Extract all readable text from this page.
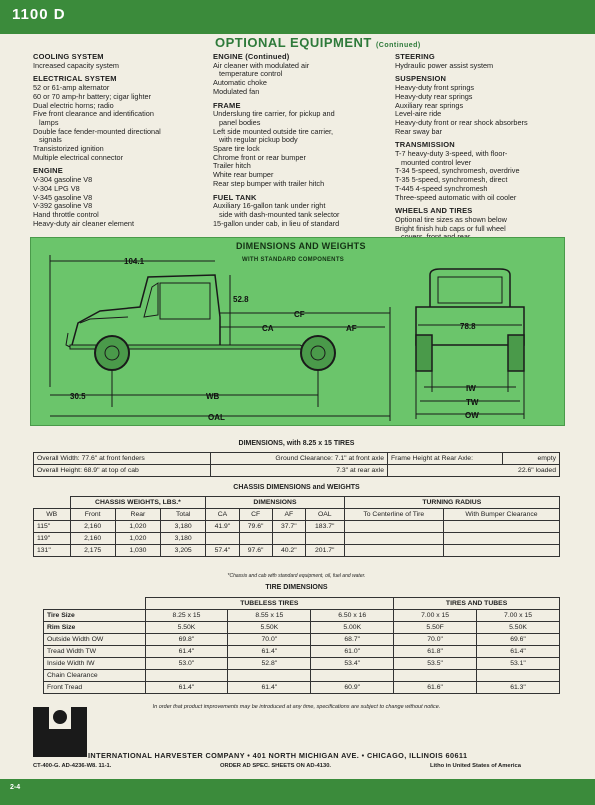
1100 D
OPTIONAL EQUIPMENT (Continued)
COOLING SYSTEM
Increased capacity system
ELECTRICAL SYSTEM
52 or 61-amp alternator
60 or 70 amp-hr battery; cigar lighter
Dual electric horns; radio
Five front clearance and identification
lamps
Double face fender-mounted directional
signals
Transistorized ignition
Multiple electrical connector
ENGINE
V-304 gasoline V8
V-304 LPG V8
V-345 gasoline V8
V-392 gasoline V8
Hand throttle control
Heavy-duty air cleaner element
ENGINE (Continued)
Air cleaner with modulated air
temperature control
Automatic choke
Modulated fan
FRAME
Underslung tire carrier, for pickup and
panel bodies
Left side mounted outside tire carrier,
with regular pickup body
Spare tire lock
Chrome front or rear bumper
Trailer hitch
White rear bumper
Rear step bumper with trailer hitch
FUEL TANK
Auxiliary 16-gallon tank under right
side with dash-mounted tank selector
15-gallon under cab, in lieu of standard
STEERING
Hydraulic power assist system
SUSPENSION
Heavy-duty front springs
Heavy-duty rear springs
Auxiliary rear springs
Level-aire ride
Heavy-duty front or rear shock absorbers
Rear sway bar
TRANSMISSION
T-7 heavy-duty 3-speed, with floor-
mounted control lever
T-34 5-speed, synchromesh, overdrive
T-35 5-speed, synchromesh, direct
T-445 4-speed synchromesh
Three-speed automatic with oil cooler
WHEELS AND TIRES
Optional tire sizes as shown below
Bright finish hub caps or full wheel
DIMENSIONS AND WEIGHTS
WITH STANDARD COMPONENTS
104.1
52.8
CF
CA	AF
30.5	WB
OAL
78.8
IW
TW
OW
DIMENSIONS, with 8.25 x 15 TIRES
Overall Width: 77.6" at front fenders	Ground Clearance: 7.1" at front axle	Frame Height at Rear Axle:	empty
Overall Height: 68.9" at top of cab	7.3" at rear axle		22.6" loaded
CHASSIS DIMENSIONS and WEIGHTS
	CHASSIS WEIGHTS, LBS.*			DIMENSIONS				TURNING RADIUS	
WB	Front	Rear	Total	CA	CF	AF	OAL	To Centerline of Tire	With Bumper Clearance
115"	2,160	1,020	3,180	41.9"	79.6"	37.7"	183.7"		
119"	2,160	1,020	3,180						
131"	2,175	1,030	3,205	57.4"	97.6"	40.2"	201.7"		
*Chassis and cab with standard equipment, oil, fuel and water.
TIRE DIMENSIONS
	TUBELESS TIRES			TIRES AND TUBES	
Tire Size	8.25 x 15	8.55 x 15	6.50 x 16	7.00 x 15	7.00 x 15
Rim Size	5.50K	5.50K	5.00K	5.50F	5.50K
Outside Width OW	69.8"	70.0"	68.7"	70.0"	69.6"
Tread Width TW	61.4"	61.4"	61.0"	61.8"	61.4"
Inside Width IW	53.0"	52.8"	53.4"	53.5"	53.1"
Chain Clearance					
Front Tread	61.4"	61.4"	60.9"	61.6"	61.3"
In order that product improvements may be introduced at any time, specifications are subject to change without notice.
INTERNATIONAL HARVESTER COMPANY • 401 NORTH MICHIGAN AVE. • CHICAGO, ILLINOIS 60611
CT-400-G. AD-4236-W8. 11-1.	ORDER AD SPEC. SHEETS ON AD-4130.	Litho in United States of America
2-4
